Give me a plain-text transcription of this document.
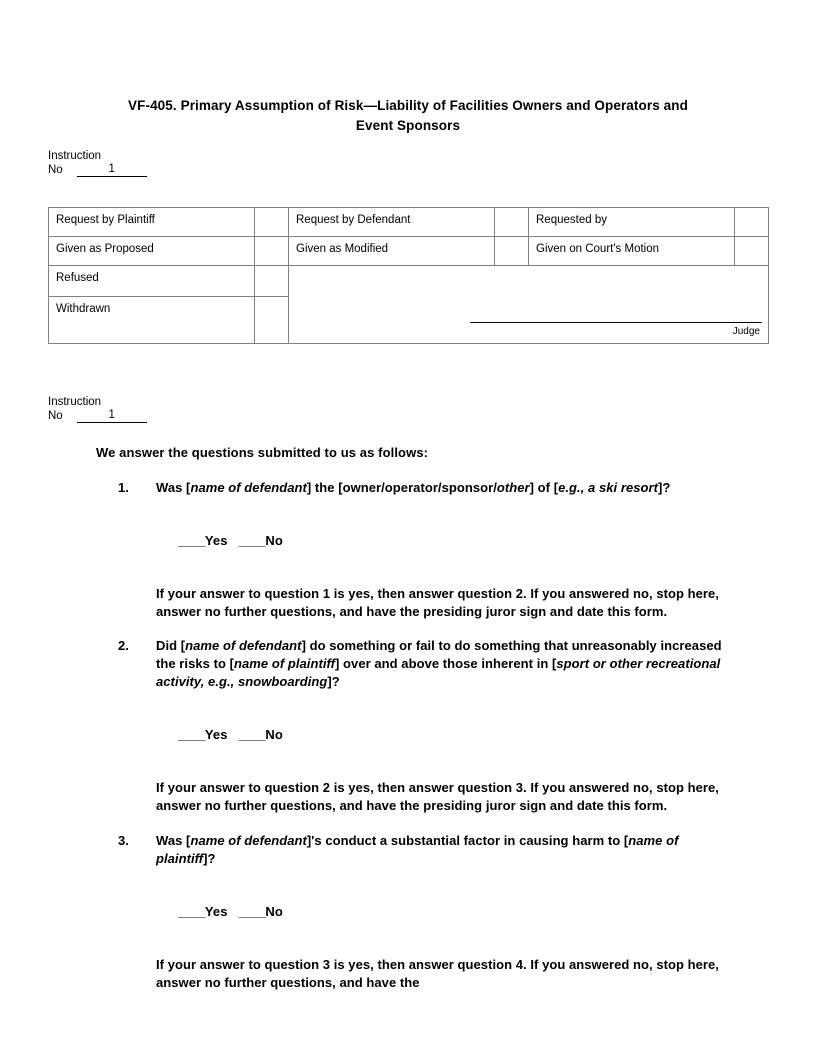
VF-405. Primary Assumption of Risk—Liability of Facilities Owners and Operators and Event Sponsors
Instruction
No	1
Request by Plaintiff		Request by Defendant		Requested by	
Given as Proposed		Given as Modified		Given on Court's Motion	
Refused		Judge			

Withdrawn					
Instruction
No	1
We answer the questions submitted to us as follows:
1.	Was [name of defendant] the [owner/operator/sponsor/other] of [e.g., a ski resort]?

____Yes ____No

If your answer to question 1 is yes, then answer question 2. If you answered no, stop here, answer no further questions, and have the presiding juror sign and date this form.
2.	Did [name of defendant] do something or fail to do something that unreasonably increased the risks to [name of plaintiff] over and above those inherent in [sport or other recreational activity, e.g., snowboarding]?

____Yes ____No

If your answer to question 2 is yes, then answer question 3. If you answered no, stop here, answer no further questions, and have the presiding juror sign and date this form.
3.	Was [name of defendant]'s conduct a substantial factor in causing harm to [name of plaintiff]?

____Yes ____No

If your answer to question 3 is yes, then answer question 4. If you answered no, stop here, answer no further questions, and have the
